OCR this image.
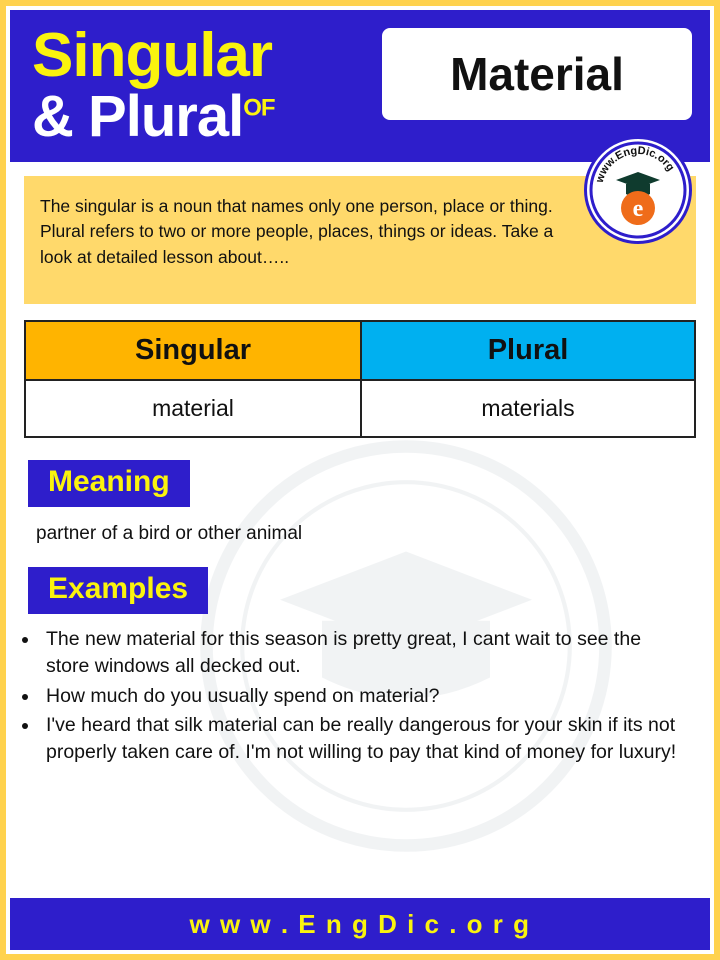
Singular
& Plural$^{OF}$
Material
www.EngDic.org
e
The singular is a noun that names only one person, place or thing. Plural refers to two or more people, places, things or ideas. Take a look at detailed lesson about…..
Singular	Plural
material	materials
Meaning
partner of a bird or other animal
Examples
• The new material for this season is pretty great, I cant wait to see the store windows all decked out.
• How much do you usually spend on material?
• I've heard that silk material can be really dangerous for your skin if its not properly taken care of. I'm not willing to pay that kind of money for luxury!
w w w . E n g D i c . o r g
